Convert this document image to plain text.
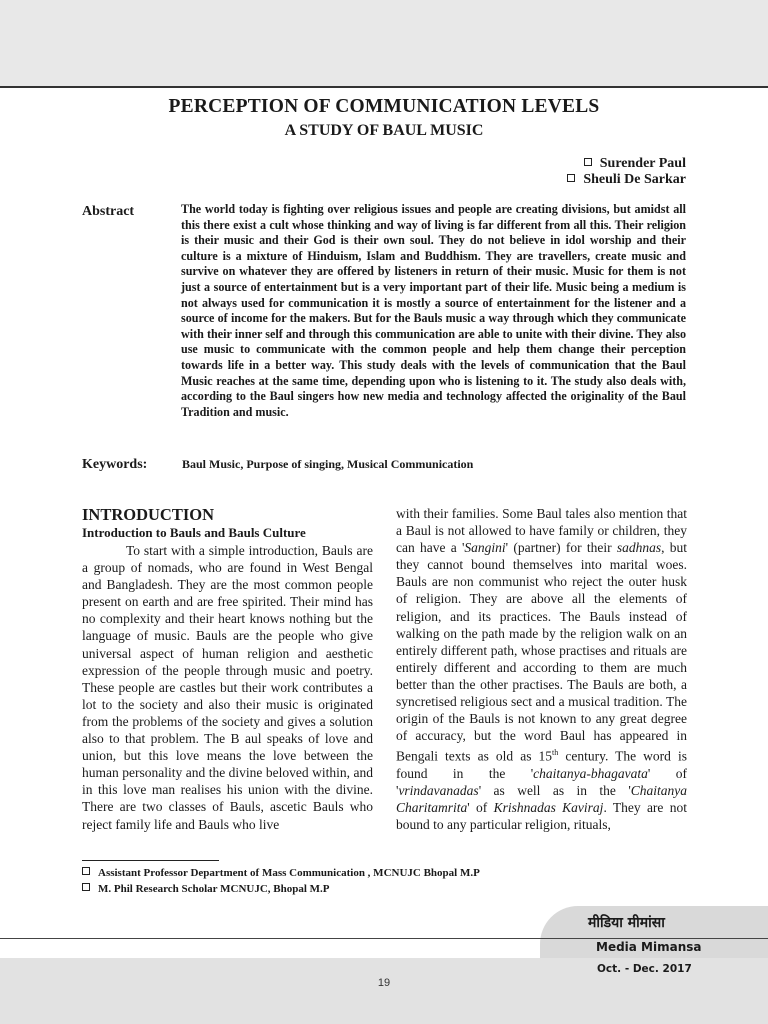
PERCEPTION OF COMMUNICATION LEVELS
A STUDY OF BAUL MUSIC
Surender Paul
Sheuli De Sarkar
Abstract	The world today is fighting over religious issues and people are creating divisions, but amidst all this there exist a cult whose thinking and way of living is far different from all this. Their religion is their music and their God is their own soul. They do not believe in idol worship and their culture is a mixture of Hinduism, Islam and Buddhism. They are travellers, create music and survive on whatever they are offered by listeners in return of their music. Music for them is not just a source of entertainment but is a very important part of their life. Music being a medium is not always used for communication it is mostly a source of entertainment for the listener and a source of income for the makers. But for the Bauls music a way through which they communicate with their inner self and through this communication are able to unite with their divine. They also use music to communicate with the common people and help them change their perception towards life in a better way. This study deals with the levels of communication that the Baul Music reaches at the same time, depending upon who is listening to it. The study also deals with, according to the Baul singers how new media and technology affected the originality of the Baul Tradition and music.
Keywords:	Baul Music, Purpose of singing, Musical Communication
INTRODUCTION
Introduction to Bauls and Bauls Culture

To start with a simple introduction, Bauls are a group of nomads, who are found in West Bengal and Bangladesh. They are the most common people present on earth and are free spirited. Their mind has no complexity and their heart knows nothing but the language of music. Bauls are the people who give universal aspect of human religion and aesthetic expression of the people through music and poetry. These people are castles but their work contributes a lot to the society and also their music is originated from the problems of the society and gives a solution also to that problem. The B aul speaks of love and union, but this love means the love between the human personality and the divine beloved within, and in this love man realises his union with the divine. There are two classes of Bauls, ascetic Bauls who reject family life and Bauls who live

with their families. Some Baul tales also mention that a Baul is not allowed to have family or children, they can have a 'Sangini' (partner) for their sadhnas, but they cannot bound themselves into marital woes. Bauls are non communist who reject the outer husk of religion. They are above all the elements of religion, and its practices. The Bauls instead of walking on the path made by the religion walk on an entirely different path, whose practises and rituals are entirely different and according to them are much better than the other practises. The Bauls are both, a syncretised religious sect and a musical tradition. The origin of the Bauls is not known to any great degree of accuracy, but the word Baul has appeared in Bengali texts as old as 15th century. The word is found in the 'chaitanya-bhagavata' of 'vrindavanadas' as well as in the 'Chaitanya Charitamrita' of Krishnadas Kaviraj. They are not bound to any particular religion, rituals,

Assistant Professor Department of Mass Communication , MCNUJC Bhopal M.P
M. Phil Research Scholar MCNUJC, Bhopal M.P
मीडिया मीमांसा
Media Mimansa
Oct. - Dec. 2017
19
